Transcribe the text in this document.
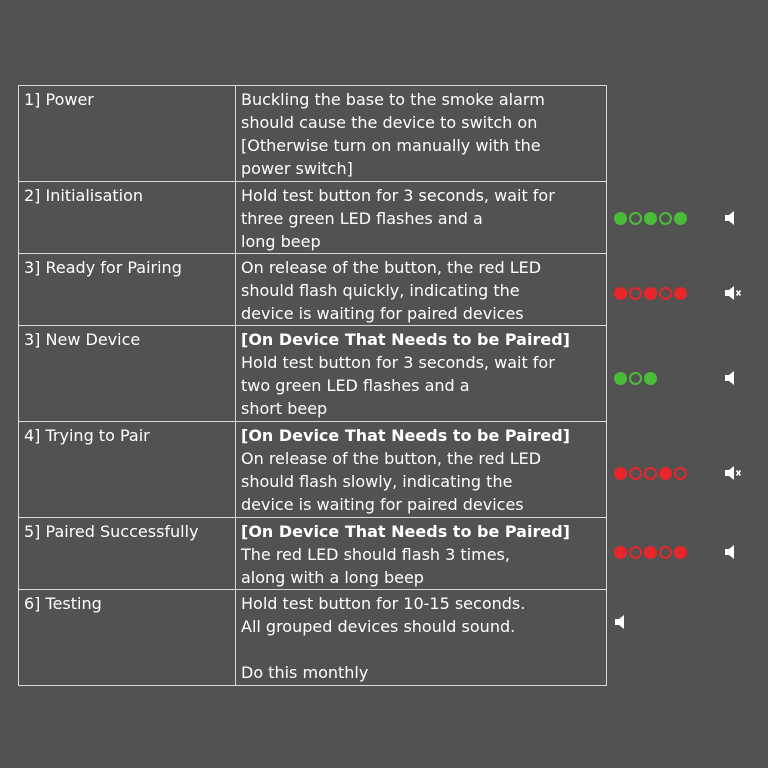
1] Power	Buckling the base to the smoke alarm
should cause the device to switch on
[Otherwise turn on manually with the
power switch]

2] Initialisation	Hold test button for 3 seconds, wait for
three green LED flashes and a
long beep

3] Ready for Pairing	On release of the button, the red LED
should flash quickly, indicating the
device is waiting for paired devices

3] New Device	[On Device That Needs to be Paired]
Hold test button for 3 seconds, wait for
two green LED flashes and a
short beep

4] Trying to Pair	[On Device That Needs to be Paired]
On release of the button, the red LED
should flash slowly, indicating the
device is waiting for paired devices

5] Paired Successfully	[On Device That Needs to be Paired]
The red LED should flash 3 times,
along with a long beep

6] Testing	Hold test button for 10-15 seconds.
All grouped devices should sound.
Do this monthly
